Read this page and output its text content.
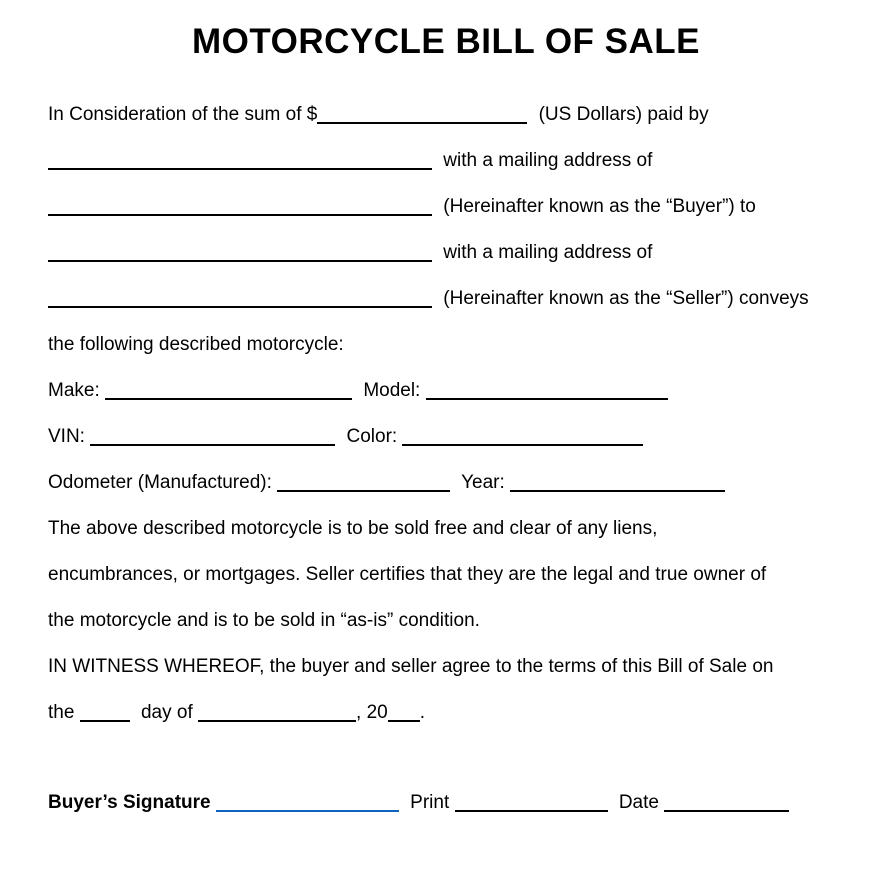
MOTORCYCLE BILL OF SALE

In Consideration of the sum of $	(US Dollars) paid by

with a mailing address of

(Hereinafter known as the “Buyer”) to

with a mailing address of

(Hereinafter known as the “Seller”) conveys

the following described motorcycle:

Make:	Model:

VIN:	Color:

Odometer (Manufactured):	Year:

The above described motorcycle is to be sold free and clear of any liens,

encumbrances, or mortgages. Seller certifies that they are the legal and true owner of

the motorcycle and is to be sold in “as-is” condition.

IN WITNESS WHEREOF, the buyer and seller agree to the terms of this Bill of Sale on

the	day of	, 20 .

Buyer’s Signature	Print	Date
